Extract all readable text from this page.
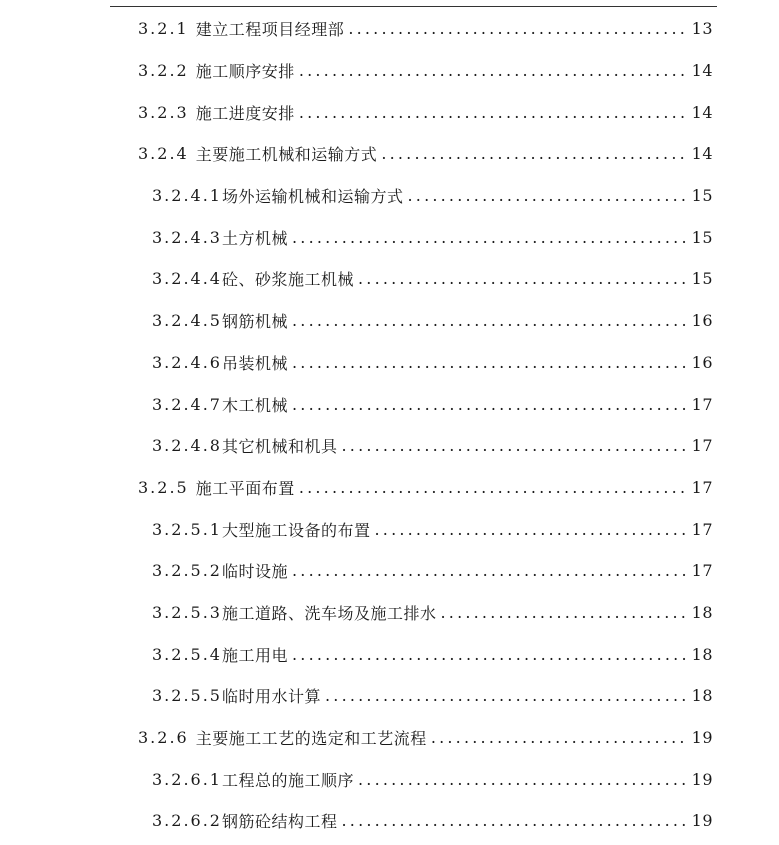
3.2.1 建立工程项目经理部 .....	13
3.2.2 施工顺序安排 .....	14
3.2.3 施工进度安排 .....	14
3.2.4 主要施工机械和运输方式 .....	14
3.2.4.1 场外运输机械和运输方式 .....	15
3.2.4.3 土方机械 .....	15
3.2.4.4 砼、砂浆施工机械 .....	15
3.2.4.5 钢筋机械 .....	16
3.2.4.6 吊装机械 .....	16
3.2.4.7 木工机械 .....	17
3.2.4.8 其它机械和机具 .....	17
3.2.5 施工平面布置 .....	17
3.2.5.1 大型施工设备的布置 .....	17
3.2.5.2 临时设施 .....	17
3.2.5.3 施工道路、洗车场及施工排水 .....	18
3.2.5.4 施工用电 .....	18
3.2.5.5 临时用水计算 .....	18
3.2.6 主要施工工艺的选定和工艺流程 .....	19
3.2.6.1 工程总的施工顺序 .....	19
3.2.6.2 钢筋砼结构工程 .....	19
